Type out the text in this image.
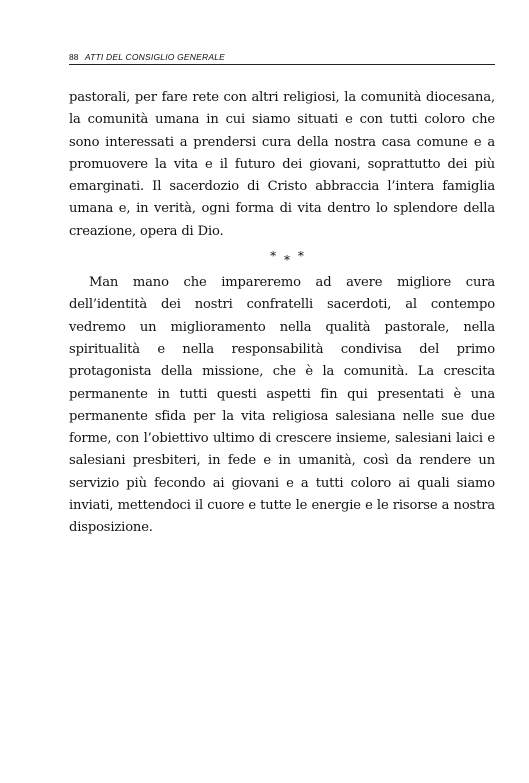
88 ATTI DEL CONSIGLIO GENERALE

pastorali, per fare rete con altri religiosi, la comunità diocesana, la comunità umana in cui siamo situati e con tutti coloro che sono interessati a prendersi cura della nostra casa comune e a promuovere la vita e il futuro dei giovani, soprattutto dei più emarginati. Il sacerdozio di Cristo abbraccia l’intera famiglia umana e, in verità, ogni forma di vita dentro lo splendore della creazione, opera di Dio.

* * *

Man mano che impareremo ad avere migliore cura dell’identità dei nostri confratelli sacerdoti, al contempo vedremo un miglioramento nella qualità pastorale, nella spiritualità e nella responsabilità condivisa del primo protagonista della missione, che è la comunità. La crescita permanente in tutti questi aspetti fin qui presentati è una permanente sfida per la vita religiosa salesiana nelle sue due forme, con l’obiettivo ultimo di crescere insieme, salesiani laici e salesiani presbiteri, in fede e in umanità, così da rendere un servizio più fecondo ai giovani e a tutti coloro ai quali siamo inviati, mettendoci il cuore e tutte le energie e le risorse a nostra disposizione.
